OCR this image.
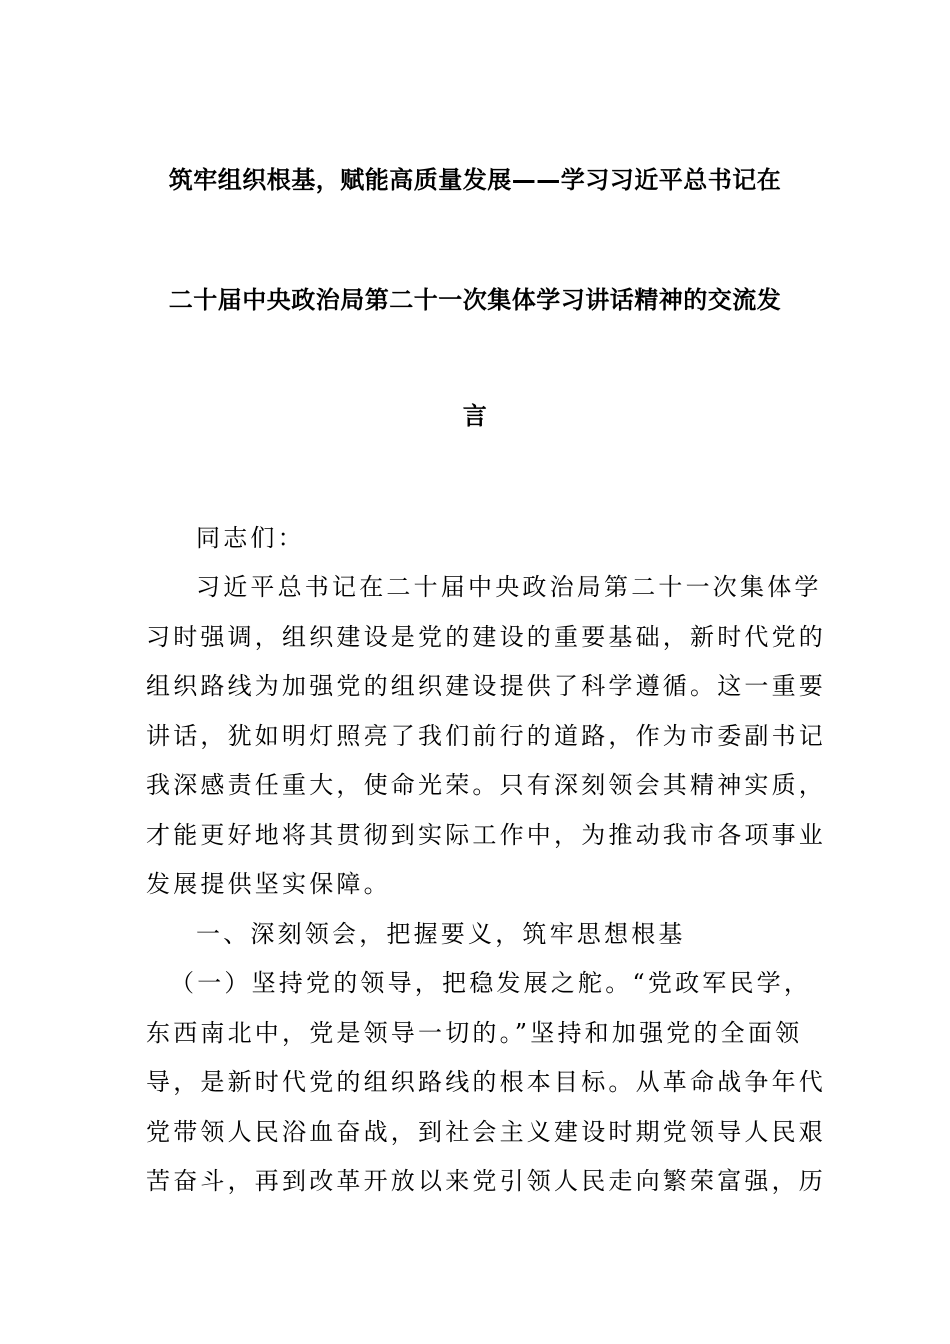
筑牢组织根基，赋能高质量发展——学习习近平总书记在
二十届中央政治局第二十一次集体学习讲话精神的交流发
言
同志们：
习近平总书记在二十届中央政治局第二十一次集体学
习时强调，组织建设是党的建设的重要基础，新时代党的
组织路线为加强党的组织建设提供了科学遵循。这一重要
讲话，犹如明灯照亮了我们前行的道路，作为市委副书记
我深感责任重大，使命光荣。只有深刻领会其精神实质，
才能更好地将其贯彻到实际工作中，为推动我市各项事业
发展提供坚实保障。
一、深刻领会，把握要义，筑牢思想根基
（一）坚持党的领导，把稳发展之舵。“党政军民学，
东西南北中，党是领导一切的。”坚持和加强党的全面领
导，是新时代党的组织路线的根本目标。从革命战争年代
党带领人民浴血奋战，到社会主义建设时期党领导人民艰
苦奋斗，再到改革开放以来党引领人民走向繁荣富强，历
